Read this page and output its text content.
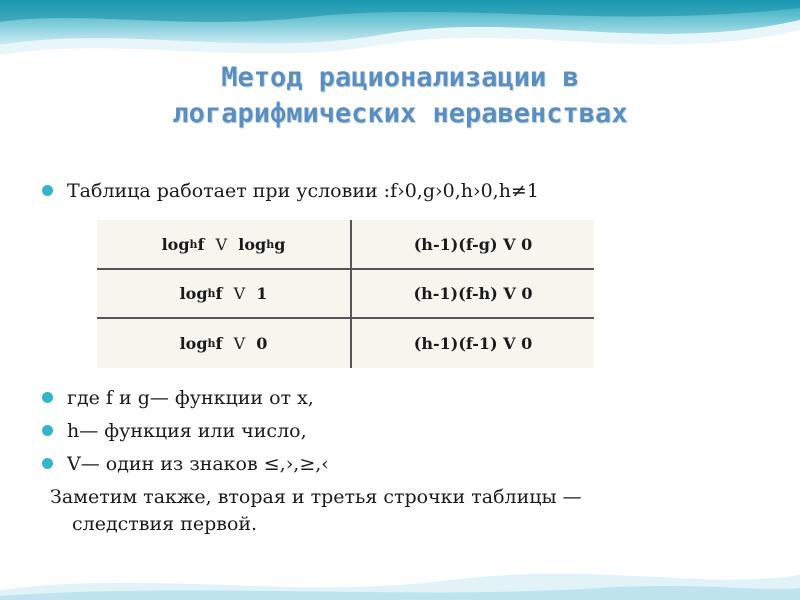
Метод рационализации в
логарифмических неравенствах
Таблица работает при условии :f›0,g›0,h›0,h≠1
log h f
V
log h g	(h-1)(f-g) V 0
log h f
V
1	(h-1)(f-h) V 0
log h f
V
0	(h-1)(f-1) V 0
где f и g— функции от x,
h— функция или число,
V— один из знаков ≤,›,≥,‹
Заметим также, вторая и третья строчки таблицы —
следствия первой.
